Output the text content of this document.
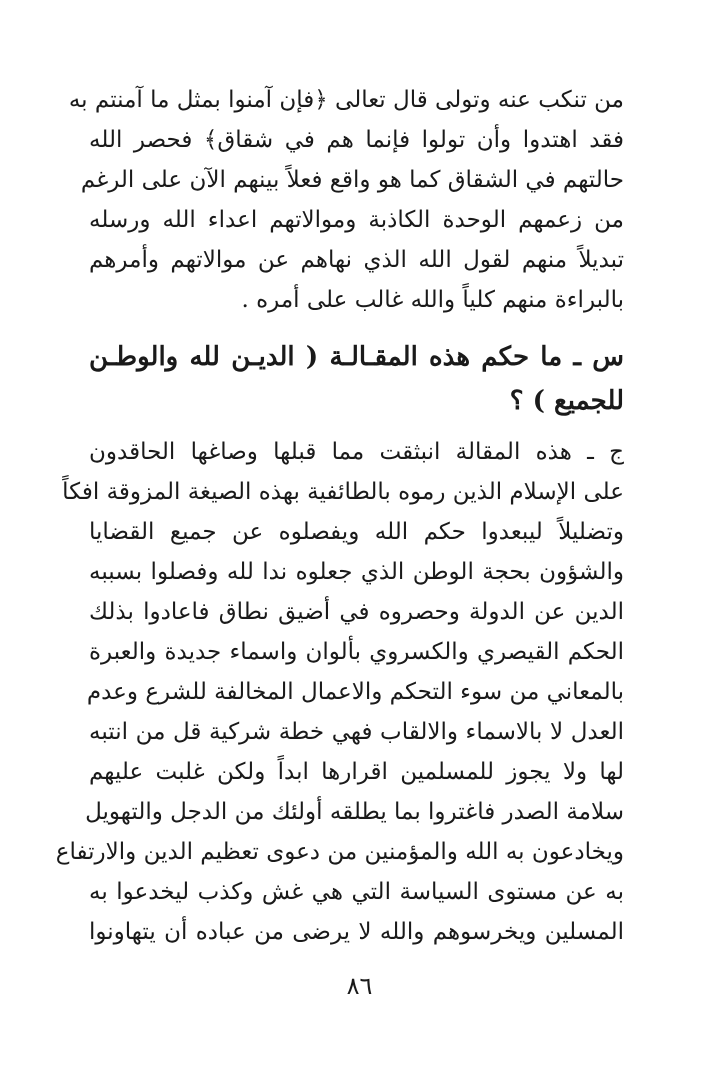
من تنكب عنه وتولى قال تعالى ﴿فإن آمنوا بمثل ما آمنتم به
فقد اهتدوا وأن تولوا فإنما هم في شقاق﴾ فحصر الله
حالتهم في الشقاق كما هو واقع فعلاً بينهم الآن على الرغم
من زعمهم الوحدة الكاذبة وموالاتهم اعداء الله ورسله
تبديلاً منهم لقول الله الذي نهاهم عن موالاتهم وأمرهم
بالبراءة منهم كلياً والله غالب على أمره .
س ـ ما حكم هذه المقـالـة ( الديـن لله والوطـن
للجميع ) ؟
ج ـ هذه المقالة انبثقت مما قبلها وصاغها الحاقدون
على الإسلام الذين رموه بالطائفية بهذه الصيغة المزوقة افكاً
وتضليلاً ليبعدوا حكم الله ويفصلوه عن جميع القضايا
والشؤون بحجة الوطن الذي جعلوه ندا لله وفصلوا بسببه
الدين عن الدولة وحصروه في أضيق نطاق فاعادوا بذلك
الحكم القيصري والكسروي بألوان واسماء جديدة والعبرة
بالمعاني من سوء التحكم والاعمال المخالفة للشرع وعدم
العدل لا بالاسماء والالقاب فهي خطة شركية قل من انتبه
لها ولا يجوز للمسلمين اقرارها ابداً ولكن غلبت عليهم
سلامة الصدر فاغتروا بما يطلقه أولئك من الدجل والتهويل
ويخادعون به الله والمؤمنين من دعوى تعظيم الدين والارتفاع
به عن مستوى السياسة التي هي غش وكذب ليخدعوا به
المسلين ويخرسوهم والله لا يرضى من عباده أن يتهاونوا
٨٦
